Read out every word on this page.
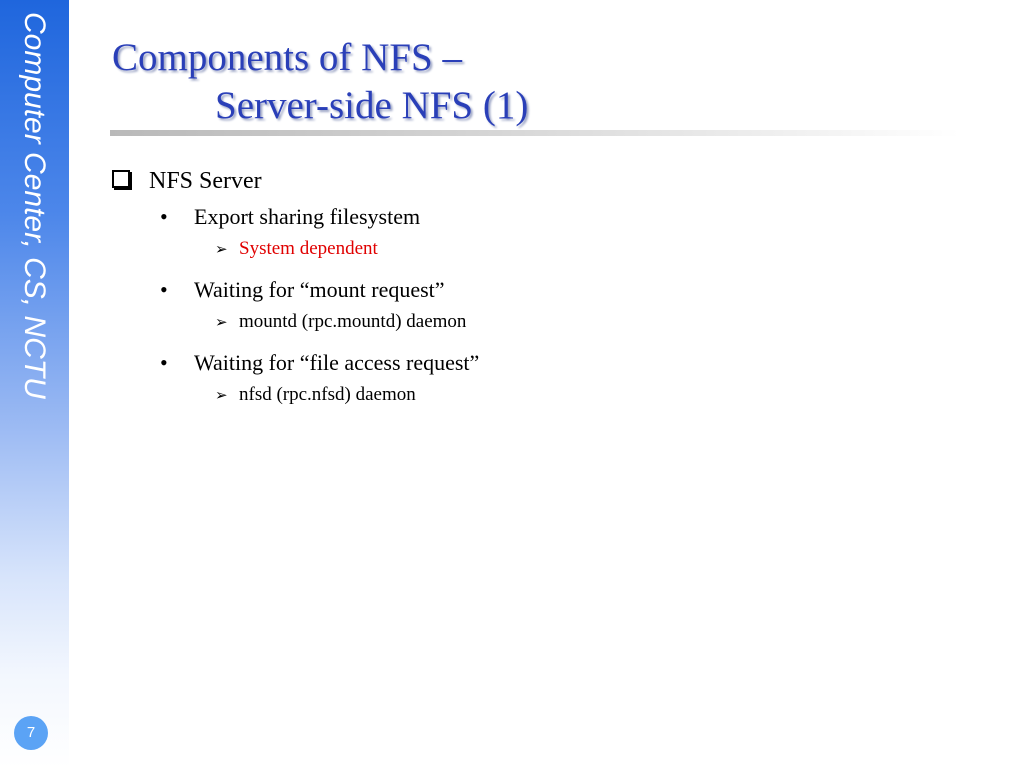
Computer Center, CS, NCTU
7
Components of NFS –
Server-side NFS (1)
NFS Server
• Export sharing filesystem
➢ System dependent
• Waiting for “mount request”
➢ mountd (rpc.mountd) daemon
• Waiting for “file access request”
➢ nfsd (rpc.nfsd) daemon
